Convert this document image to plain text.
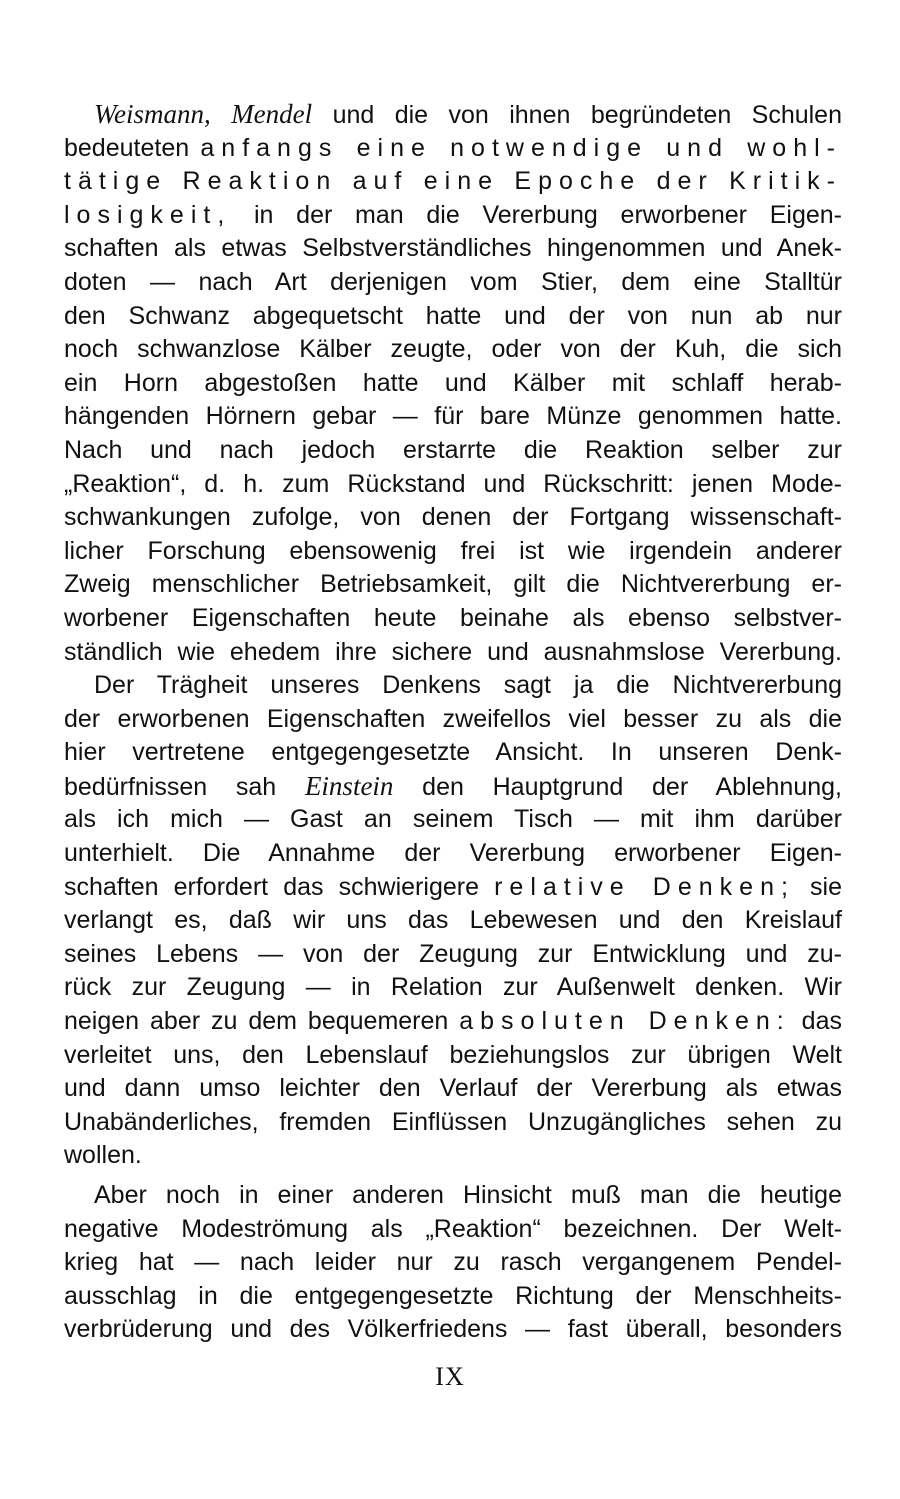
Weismann, Mendel und die von ihnen begründeten Schulen
bedeuteten anfangs eine notwendige und wohl-
tätige Reaktion auf eine Epoche der Kritik-
losigkeit, in der man die Vererbung erworbener Eigen-
schaften als etwas Selbstverständliches hingenommen und Anek-
doten — nach Art derjenigen vom Stier, dem eine Stalltür
den Schwanz abgequetscht hatte und der von nun ab nur
noch schwanzlose Kälber zeugte, oder von der Kuh, die sich
ein Horn abgestoßen hatte und Kälber mit schlaff herab-
hängenden Hörnern gebar — für bare Münze genommen hatte.
Nach und nach jedoch erstarrte die Reaktion selber zur
„Reaktion“, d. h. zum Rückstand und Rückschritt: jenen Mode-
schwankungen zufolge, von denen der Fortgang wissenschaft-
licher Forschung ebensowenig frei ist wie irgendein anderer
Zweig menschlicher Betriebsamkeit, gilt die Nichtvererbung er-
worbener Eigenschaften heute beinahe als ebenso selbstver-
ständlich wie ehedem ihre sichere und ausnahmslose Vererbung.
Der Trägheit unseres Denkens sagt ja die Nichtvererbung
der erworbenen Eigenschaften zweifellos viel besser zu als die
hier vertretene entgegengesetzte Ansicht. In unseren Denk-
bedürfnissen sah Einstein den Hauptgrund der Ablehnung,
als ich mich — Gast an seinem Tisch — mit ihm darüber
unterhielt. Die Annahme der Vererbung erworbener Eigen-
schaften erfordert das schwierigere relative Denken; sie
verlangt es, daß wir uns das Lebewesen und den Kreislauf
seines Lebens — von der Zeugung zur Entwicklung und zu-
rück zur Zeugung — in Relation zur Außenwelt denken. Wir
neigen aber zu dem bequemeren absoluten Denken: das
verleitet uns, den Lebenslauf beziehungslos zur übrigen Welt
und dann umso leichter den Verlauf der Vererbung als etwas
Unabänderliches, fremden Einflüssen Unzugängliches sehen zu
wollen.
Aber noch in einer anderen Hinsicht muß man die heutige
negative Modeströmung als „Reaktion“ bezeichnen. Der Welt-
krieg hat — nach leider nur zu rasch vergangenem Pendel-
ausschlag in die entgegengesetzte Richtung der Menschheits-
verbrüderung und des Völkerfriedens — fast überall, besonders
IX
